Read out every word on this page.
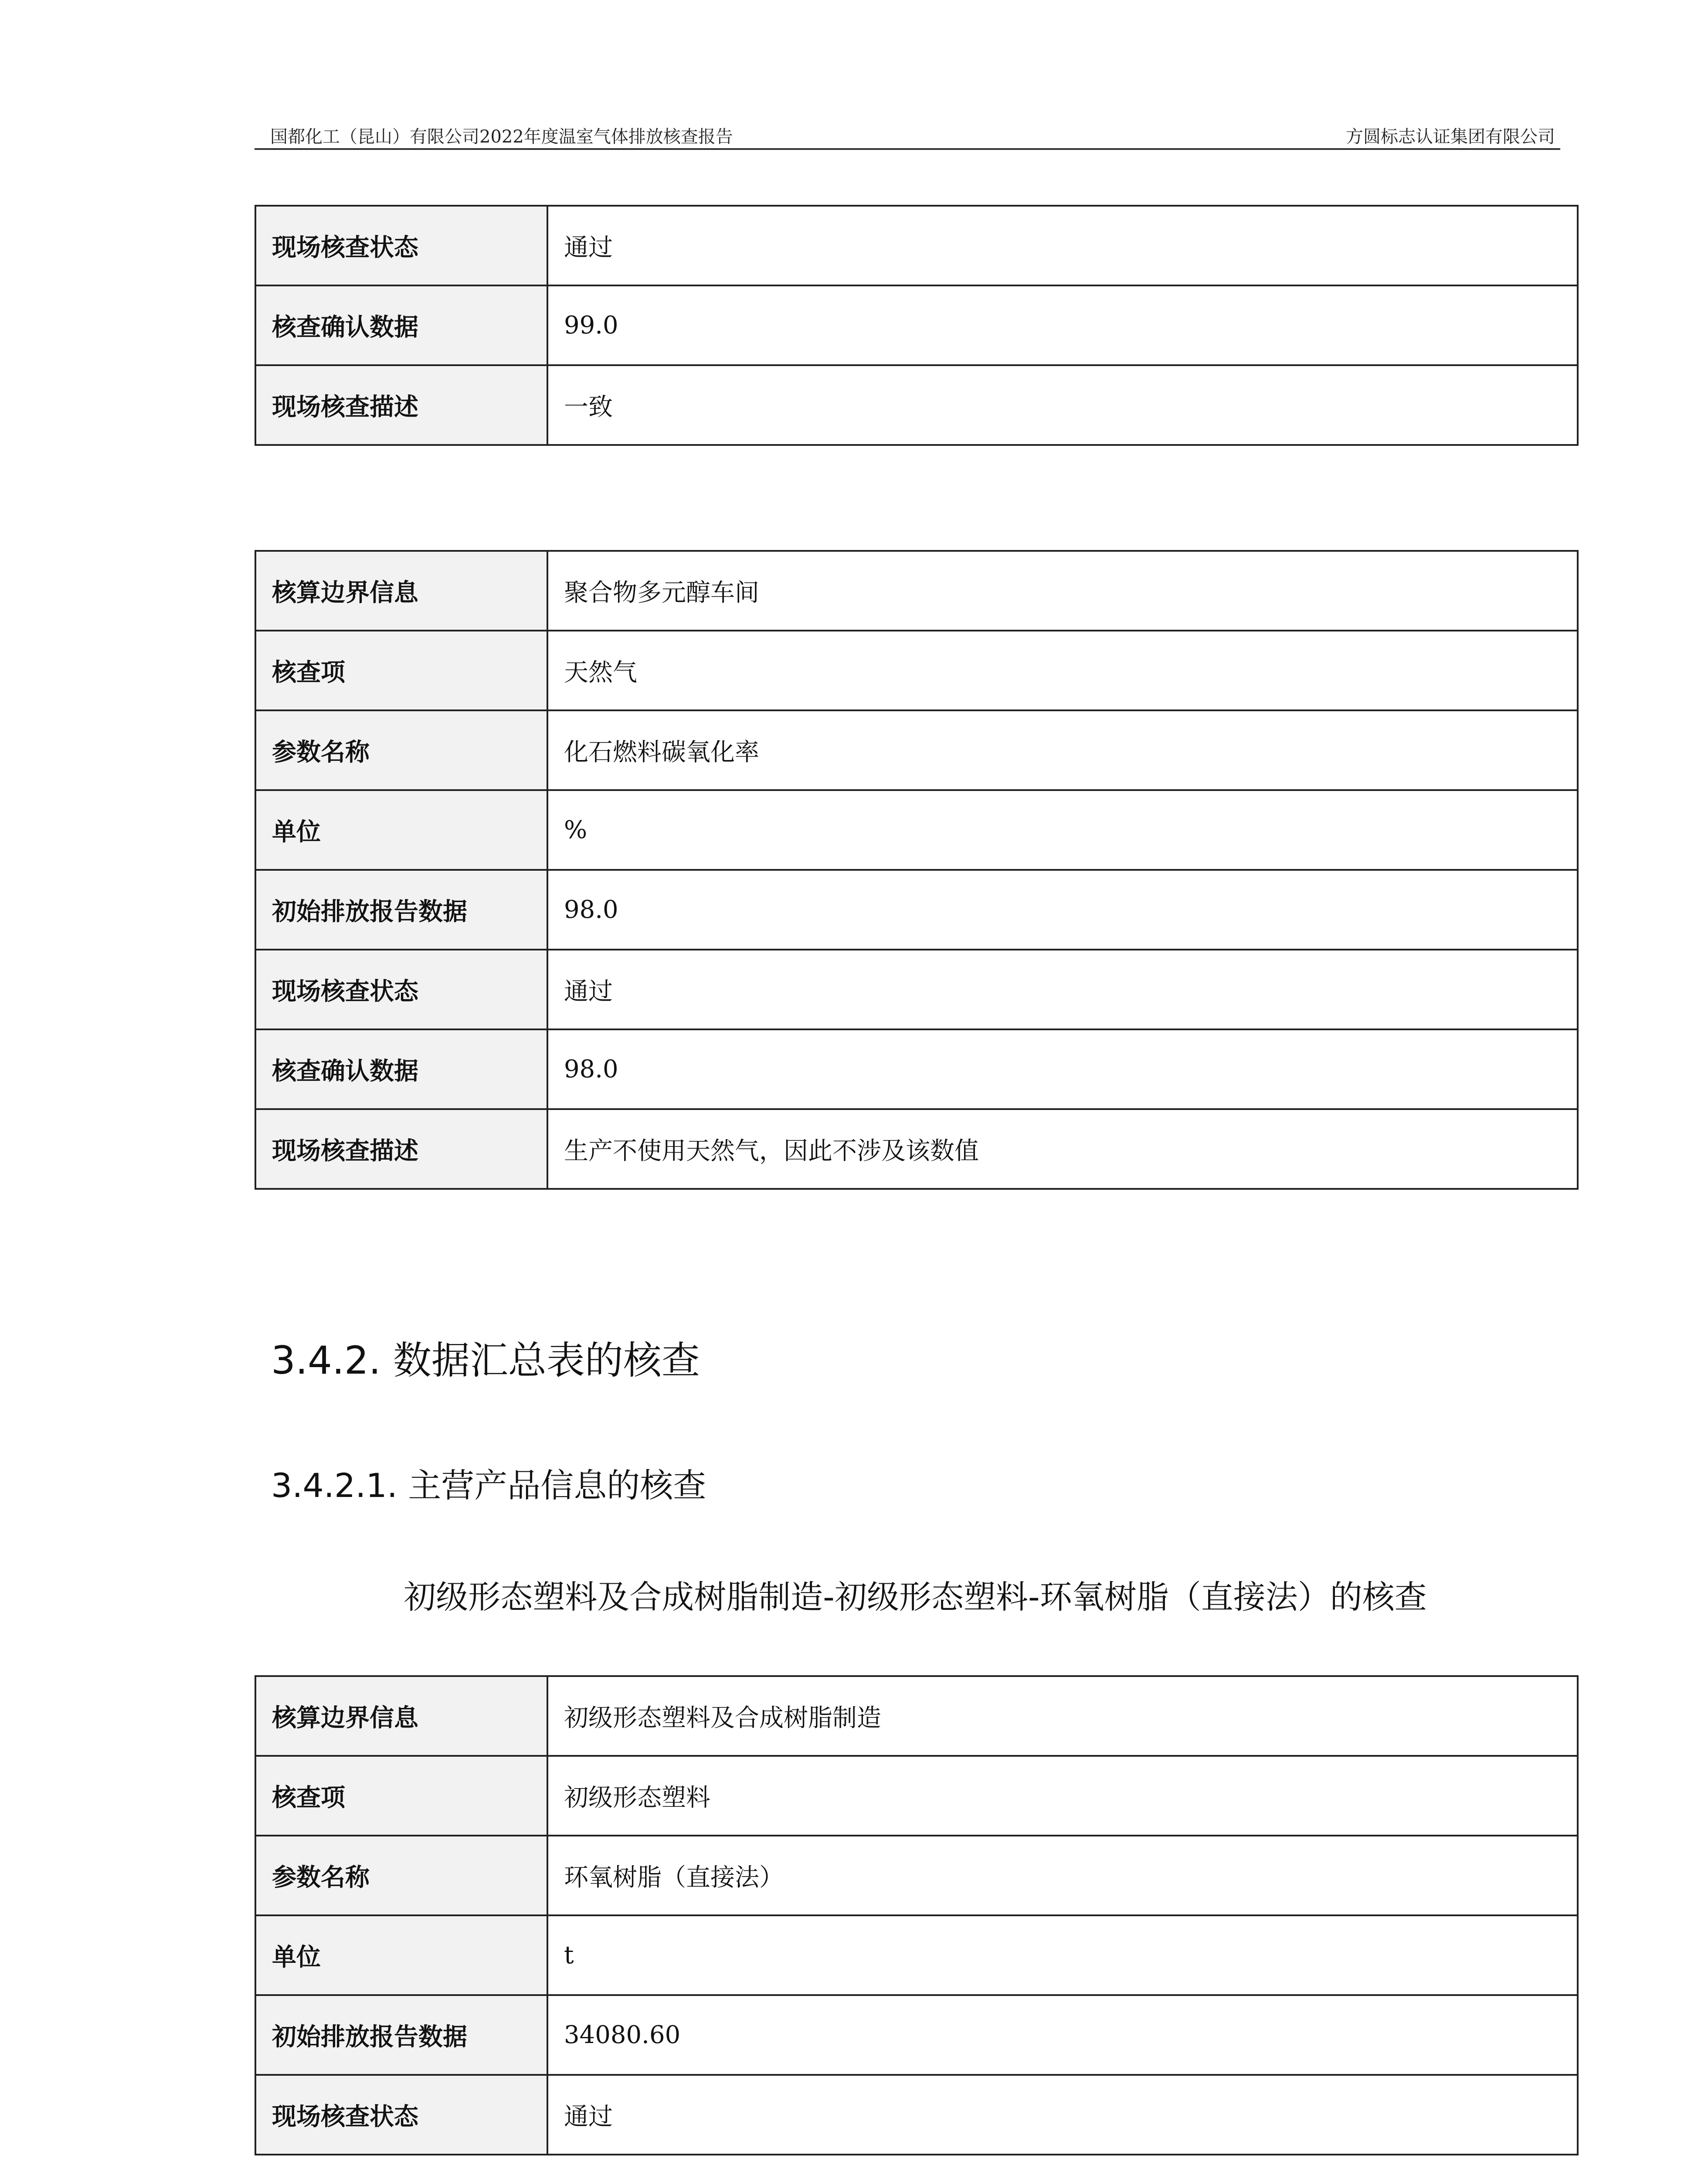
国都化工（昆山）有限公司2022年度温室气体排放核查报告	方圆标志认证集团有限公司
现场核查状态	通过
核查确认数据	99.0
现场核查描述	一致
核算边界信息	聚合物多元醇车间
核查项	天然气
参数名称	化石燃料碳氧化率
单位	%
初始排放报告数据	98.0
现场核查状态	通过
核查确认数据	98.0
现场核查描述	生产不使用天然气，因此不涉及该数值
3.4.2. 数据汇总表的核查
3.4.2.1. 主营产品信息的核查
初级形态塑料及合成树脂制造-初级形态塑料-环氧树脂（直接法）的核查
核算边界信息	初级形态塑料及合成树脂制造
核查项	初级形态塑料
参数名称	环氧树脂（直接法）
单位	t
初始排放报告数据	34080.60
现场核查状态	通过
